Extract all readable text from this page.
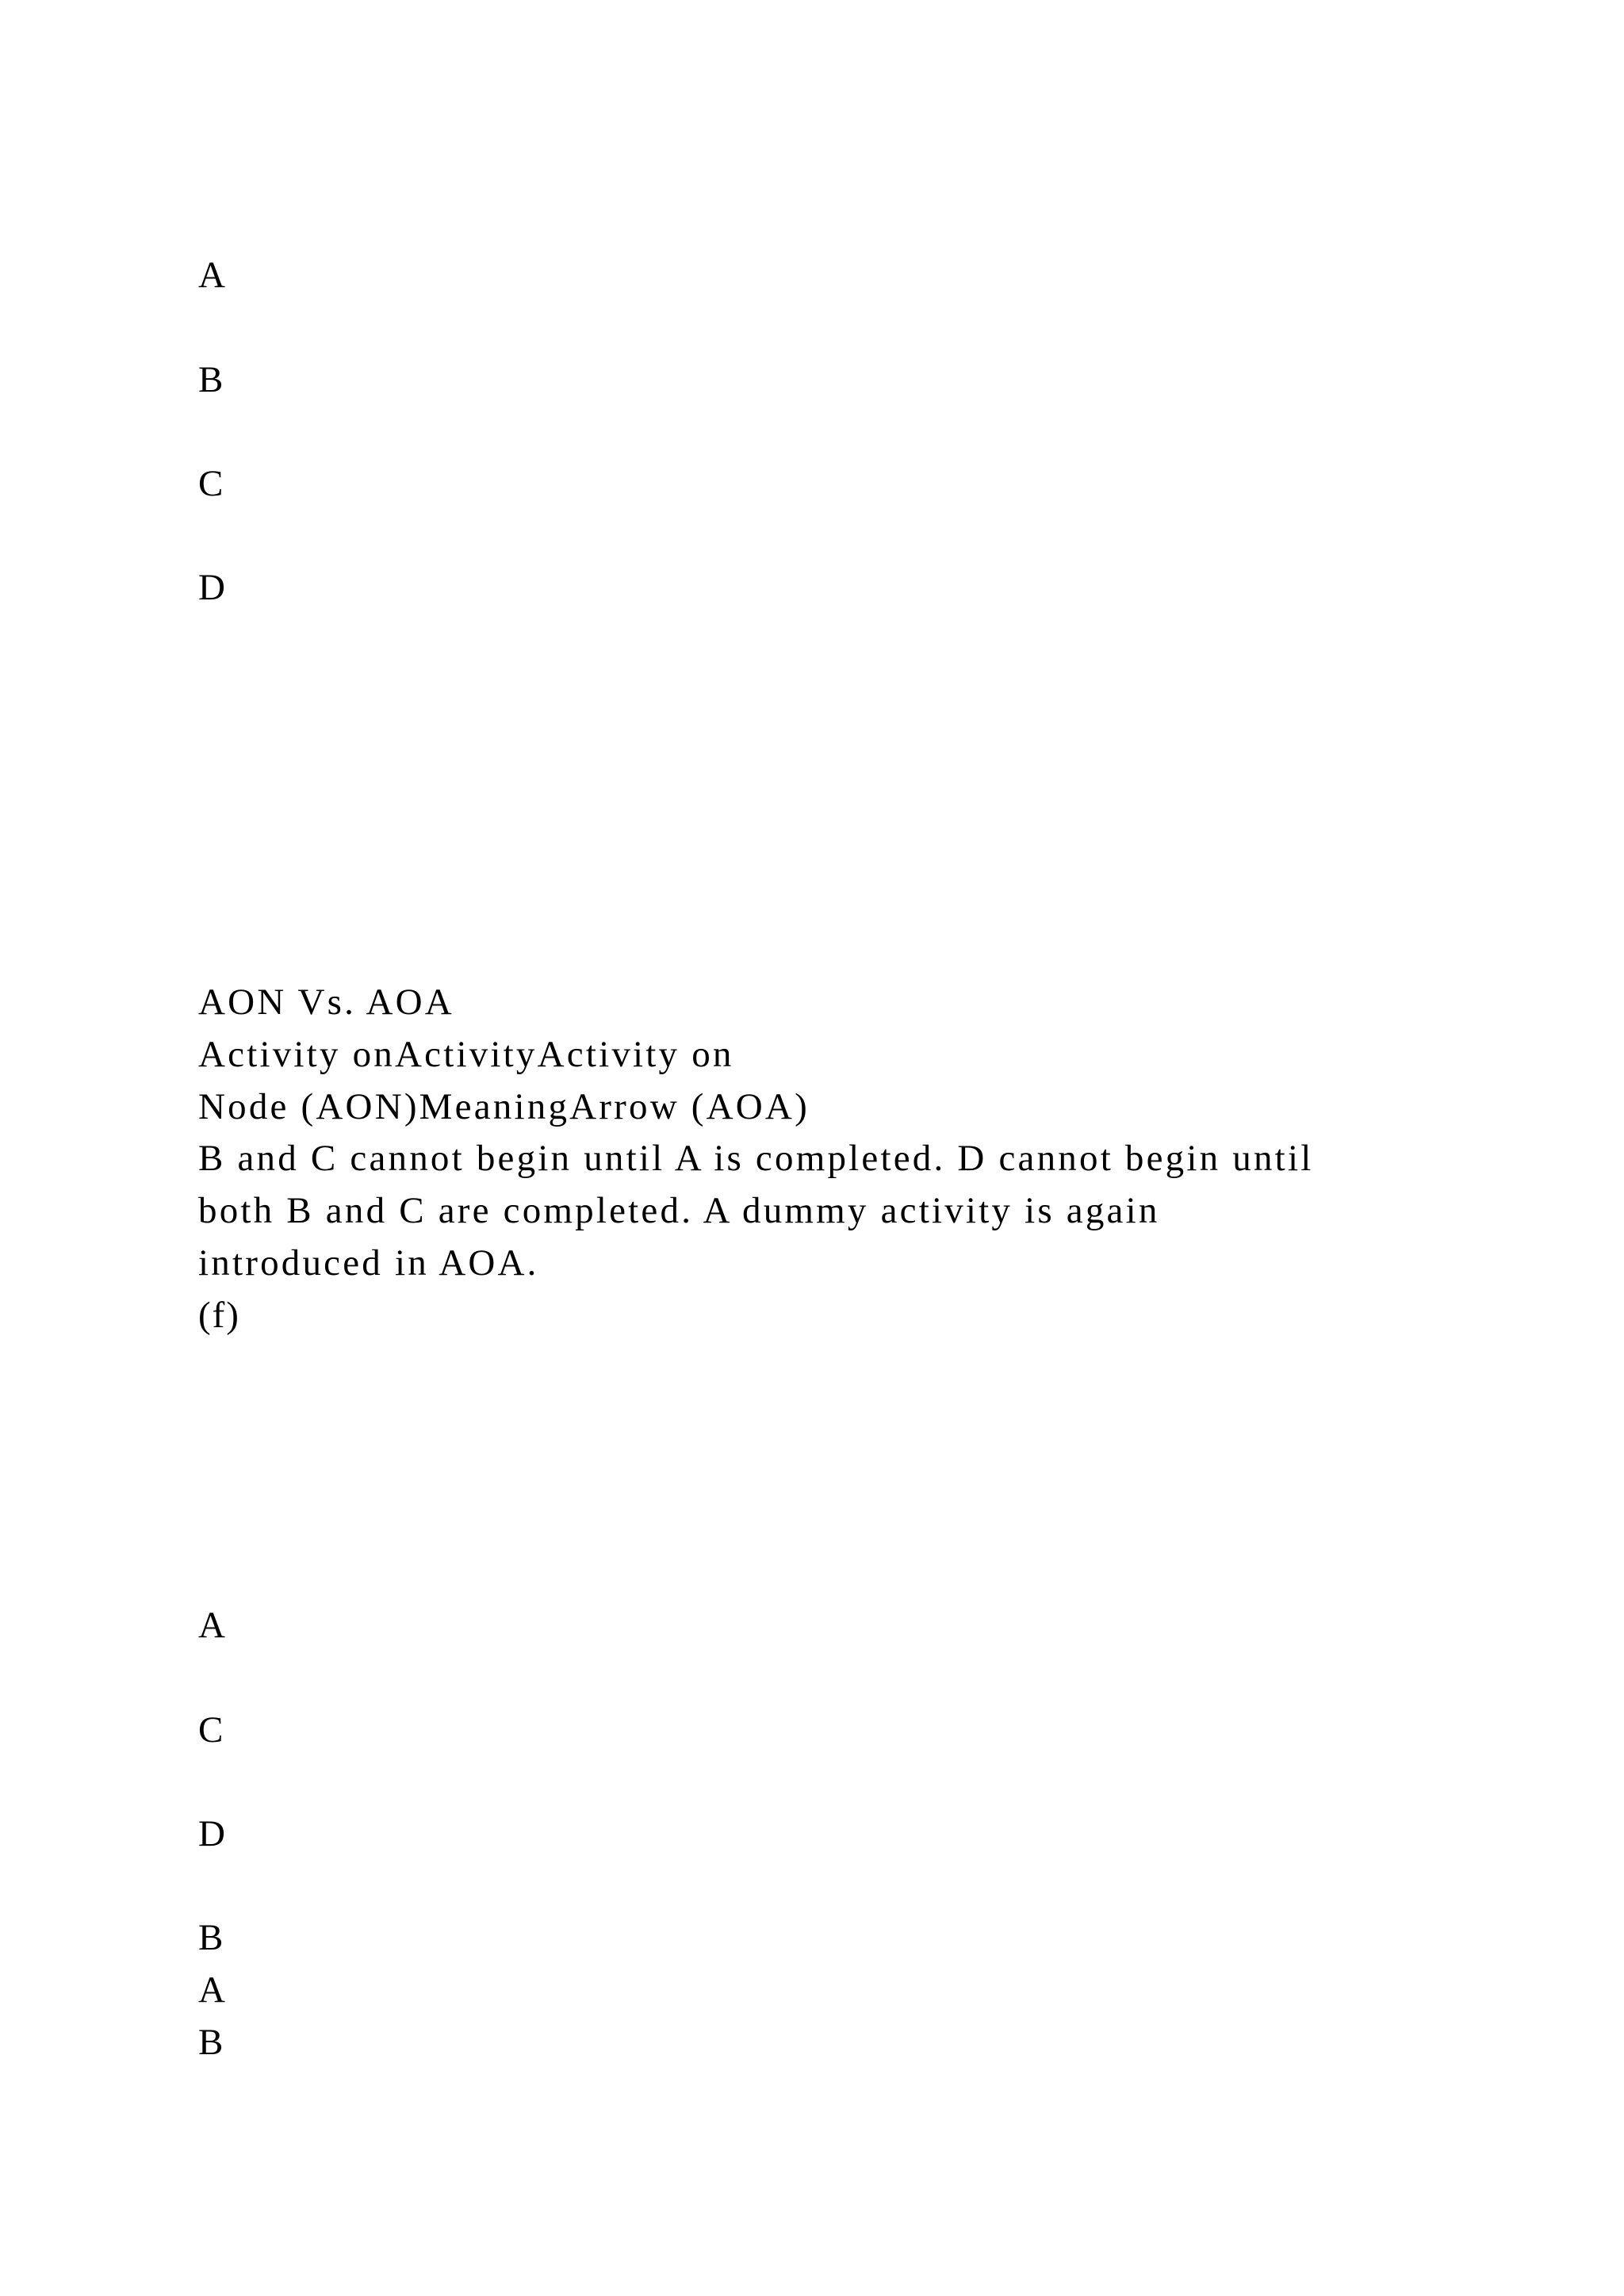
A
B
C
D
AON Vs. AOA
Activity onActivityActivity on
Node (AON)MeaningArrow (AOA)
B and C cannot begin until A is completed. D cannot begin until
both B and C are completed. A dummy activity is again
introduced in AOA.
(f)
A
C
D
B
A
B
